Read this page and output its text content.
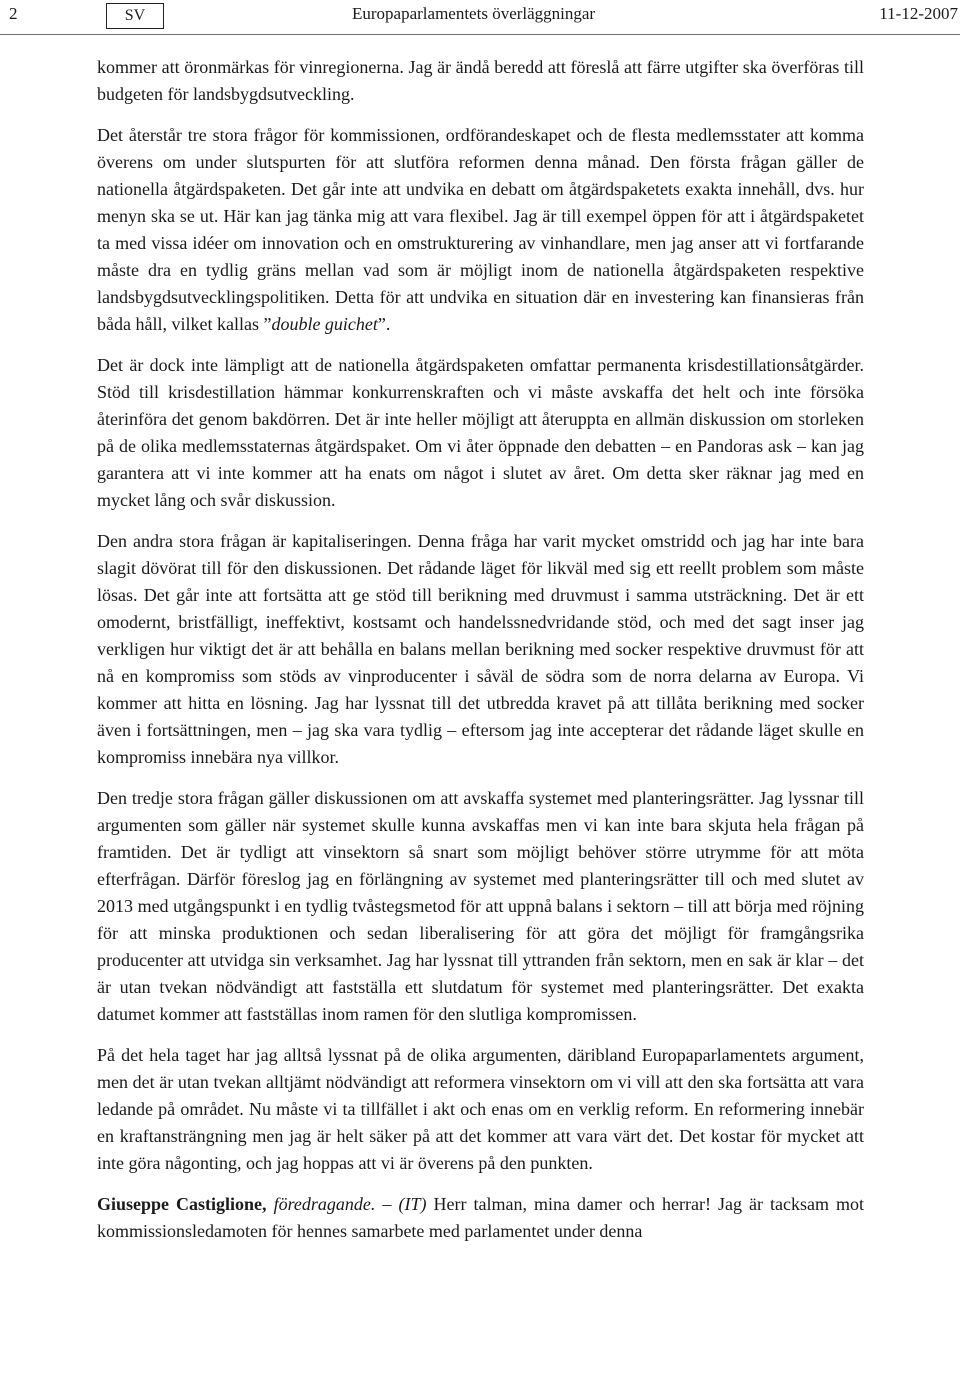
2	SV	Europaparlamentets överläggningar	11-12-2007

kommer att öronmärkas för vinregionerna. Jag är ändå beredd att föreslå att färre utgifter ska överföras till budgeten för landsbygdsutveckling.

Det återstår tre stora frågor för kommissionen, ordförandeskapet och de flesta medlemsstater att komma överens om under slutspurten för att slutföra reformen denna månad. Den första frågan gäller de nationella åtgärdspaketen. Det går inte att undvika en debatt om åtgärdspaketets exakta innehåll, dvs. hur menyn ska se ut. Här kan jag tänka mig att vara flexibel. Jag är till exempel öppen för att i åtgärdspaketet ta med vissa idéer om innovation och en omstrukturering av vinhandlare, men jag anser att vi fortfarande måste dra en tydlig gräns mellan vad som är möjligt inom de nationella åtgärdspaketen respektive landsbygdsutvecklingspolitiken. Detta för att undvika en situation där en investering kan finansieras från båda håll, vilket kallas ”double guichet”.

Det är dock inte lämpligt att de nationella åtgärdspaketen omfattar permanenta krisdestillationsåtgärder. Stöd till krisdestillation hämmar konkurrenskraften och vi måste avskaffa det helt och inte försöka återinföra det genom bakdörren. Det är inte heller möjligt att återuppta en allmän diskussion om storleken på de olika medlemsstaternas åtgärdspaket. Om vi åter öppnade den debatten – en Pandoras ask – kan jag garantera att vi inte kommer att ha enats om något i slutet av året. Om detta sker räknar jag med en mycket lång och svår diskussion.

Den andra stora frågan är kapitaliseringen. Denna fråga har varit mycket omstridd och jag har inte bara slagit dövörat till för den diskussionen. Det rådande läget för likväl med sig ett reellt problem som måste lösas. Det går inte att fortsätta att ge stöd till berikning med druvmust i samma utsträckning. Det är ett omodernt, bristfälligt, ineffektivt, kostsamt och handelssnedvridande stöd, och med det sagt inser jag verkligen hur viktigt det är att behålla en balans mellan berikning med socker respektive druvmust för att nå en kompromiss som stöds av vinproducenter i såväl de södra som de norra delarna av Europa. Vi kommer att hitta en lösning. Jag har lyssnat till det utbredda kravet på att tillåta berikning med socker även i fortsättningen, men – jag ska vara tydlig – eftersom jag inte accepterar det rådande läget skulle en kompromiss innebära nya villkor.

Den tredje stora frågan gäller diskussionen om att avskaffa systemet med planteringsrätter. Jag lyssnar till argumenten som gäller när systemet skulle kunna avskaffas men vi kan inte bara skjuta hela frågan på framtiden. Det är tydligt att vinsektorn så snart som möjligt behöver större utrymme för att möta efterfrågan. Därför föreslog jag en förlängning av systemet med planteringsrätter till och med slutet av 2013 med utgångspunkt i en tydlig tvåstegsmetod för att uppnå balans i sektorn – till att börja med röjning för att minska produktionen och sedan liberalisering för att göra det möjligt för framgångsrika producenter att utvidga sin verksamhet. Jag har lyssnat till yttranden från sektorn, men en sak är klar – det är utan tvekan nödvändigt att fastställa ett slutdatum för systemet med planteringsrätter. Det exakta datumet kommer att fastställas inom ramen för den slutliga kompromissen.

På det hela taget har jag alltså lyssnat på de olika argumenten, däribland Europaparlamentets argument, men det är utan tvekan alltjämt nödvändigt att reformera vinsektorn om vi vill att den ska fortsätta att vara ledande på området. Nu måste vi ta tillfället i akt och enas om en verklig reform. En reformering innebär en kraftansträngning men jag är helt säker på att det kommer att vara värt det. Det kostar för mycket att inte göra någonting, och jag hoppas att vi är överens på den punkten.

Giuseppe Castiglione, föredragande. – (IT) Herr talman, mina damer och herrar! Jag är tacksam mot kommissionsledamoten för hennes samarbete med parlamentet under denna
